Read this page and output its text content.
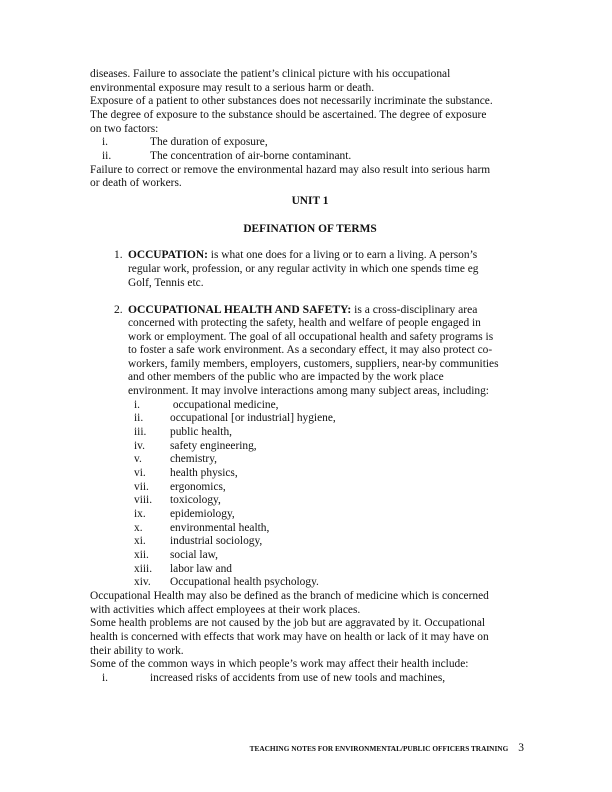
diseases. Failure to associate the patient’s clinical picture with his occupational
environmental exposure may result to a serious harm or death.
Exposure of a patient to other substances does not necessarily incriminate the substance.
The degree of exposure to the substance should be ascertained. The degree of exposure
on two factors:
i.	The duration of exposure,
ii.	The concentration of air-borne contaminant.
Failure to correct or remove the environmental hazard may also result into serious harm
or death of workers.
UNIT 1
DEFINATION OF TERMS
1. OCCUPATION: is what one does for a living or to earn a living. A person’s
regular work, profession, or any regular activity in which one spends time eg
Golf, Tennis etc.
2. OCCUPATIONAL HEALTH AND SAFETY: is a cross-disciplinary area
concerned with protecting the safety, health and welfare of people engaged in
work or employment. The goal of all occupational health and safety programs is
to foster a safe work environment. As a secondary effect, it may also protect co-
workers, family members, employers, customers, suppliers, near-by communities
and other members of the public who are impacted by the work place
environment. It may involve interactions among many subject areas, including:
i.	occupational medicine,
ii. occupational [or industrial] hygiene,
iii. public health,
iv. safety engineering,
v. chemistry,
vi. health physics,
vii. ergonomics,
viii. toxicology,
ix. epidemiology,
x. environmental health,
xi. industrial sociology,
xii. social law,
xiii. labor law and
xiv. Occupational health psychology.
Occupational Health may also be defined as the branch of medicine which is concerned
with activities which affect employees at their work places.
Some health problems are not caused by the job but are aggravated by it. Occupational
health is concerned with effects that work may have on health or lack of it may have on
their ability to work.
Some of the common ways in which people’s work may affect their health include:
i.	increased risks of accidents from use of new tools and machines,
TEACHING NOTES FOR ENVIRONMENTAL/PUBLIC OFFICERS TRAINING 3
